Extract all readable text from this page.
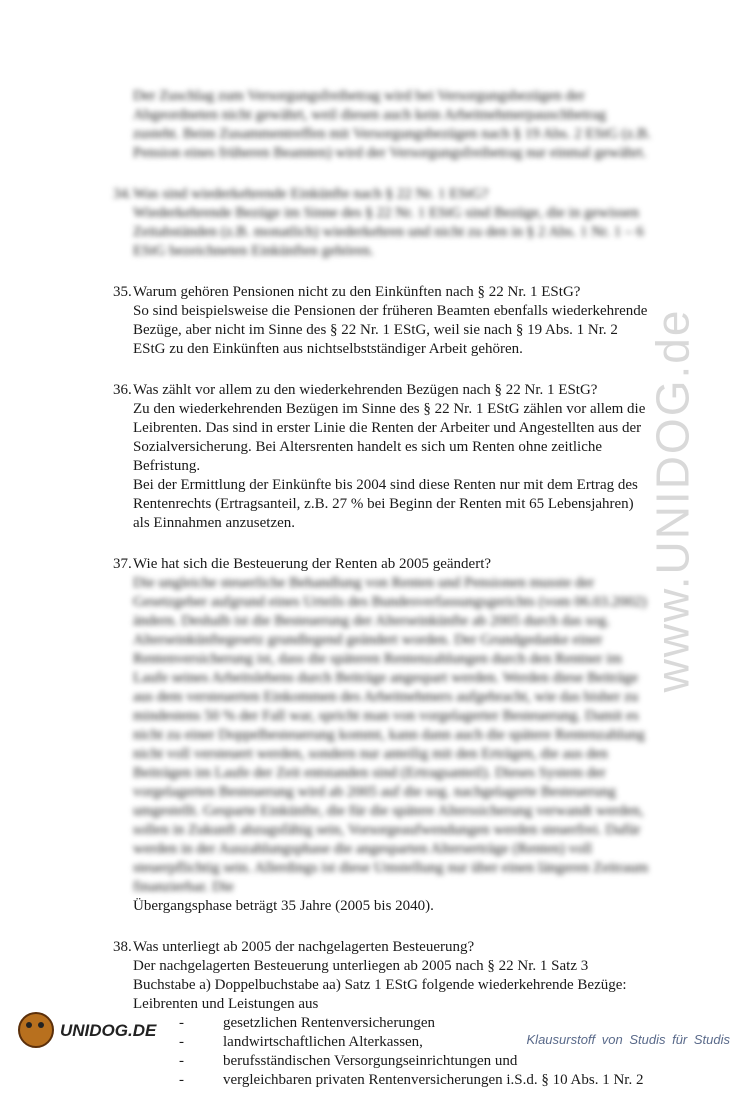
www.UNIDOG.de
Der Zuschlag zum Versorgungsfreibetrag wird bei Versorgungsbezügen der Abgeordneten nicht gewährt, weil diesen auch kein Arbeitnehmerpauschbetrag zusteht. Beim Zusammentreffen mit Versorgungsbezügen nach § 19 Abs. 2 EStG (z.B. Pension eines früheren Beamten) wird der Versorgungsfreibetrag nur einmal gewährt.
34. Was sind wiederkehrende Einkünfte nach § 22 Nr. 1 EStG?
Wiederkehrende Bezüge im Sinne des § 22 Nr. 1 EStG sind Bezüge, die in gewissen Zeitabständen (z.B. monatlich) wiederkehren und nicht zu den in § 2 Abs. 1 Nr. 1 – 6 EStG bezeichneten Einkünften gehören.
35. Warum gehören Pensionen nicht zu den Einkünften nach § 22 Nr. 1 EStG?
So sind beispielsweise die Pensionen der früheren Beamten ebenfalls wiederkehrende Bezüge, aber nicht im Sinne des § 22 Nr. 1 EStG, weil sie nach § 19 Abs. 1 Nr. 2 EStG zu den Einkünften aus nichtselbstständiger Arbeit gehören.
36. Was zählt vor allem zu den wiederkehrenden Bezügen nach § 22 Nr. 1 EStG?

Zu den wiederkehrenden Bezügen im Sinne des § 22 Nr. 1 EStG zählen vor allem die Leibrenten. Das sind in erster Linie die Renten der Arbeiter und Angestellten aus der Sozialversicherung. Bei Altersrenten handelt es sich um Renten ohne zeitliche Befristung.

Bei der Ermittlung der Einkünfte bis 2004 sind diese Renten nur mit dem Ertrag des Rentenrechts (Ertragsanteil, z.B. 27 % bei Beginn der Renten mit 65 Lebensjahren) als Einnahmen anzusetzen.

37. Wie hat sich die Besteuerung der Renten ab 2005 geändert?

Die ungleiche steuerliche Behandlung von Renten und Pensionen musste der Gesetzgeber aufgrund eines Urteils des Bundesverfassungsgerichts (vom 06.03.2002) ändern. Deshalb ist die Besteuerung der Alterseinkünfte ab 2005 durch das sog. Alterseinkünftegesetz grundlegend geändert worden. Der Grundgedanke einer Rentenversicherung ist, dass die späteren Rentenzahlungen durch den Rentner im Laufe seines Arbeitslebens durch Beiträge angespart werden. Werden diese Beiträge aus dem versteuerten Einkommen des Arbeitnehmers aufgebracht, wie das bisher zu mindestens 50 % der Fall war, spricht man von vorgelagerter Besteuerung. Damit es nicht zu einer Doppelbesteuerung kommt, kann dann auch die spätere Rentenzahlung nicht voll versteuert werden, sondern nur anteilig mit den Erträgen, die aus den Beiträgen im Laufe der Zeit entstanden sind (Ertragsanteil). Dieses System der vorgelagerten Besteuerung wird ab 2005 auf die sog. nachgelagerte Besteuerung umgestellt. Gesparte Einkünfte, die für die spätere Alterssicherung verwandt werden, sollen in Zukunft abzugsfähig sein, Vorsorgeaufwendungen werden steuerfrei. Dafür werden in der Auszahlungsphase die angesparten Alterserträge (Renten) voll steuerpflichtig sein. Allerdings ist diese Umstellung nur über einen längeren Zeitraum finanzierbar. Die

Übergangsphase beträgt 35 Jahre (2005 bis 2040).

38. Was unterliegt ab 2005 der nachgelagerten Besteuerung?

Der nachgelagerten Besteuerung unterliegen ab 2005 nach § 22 Nr. 1 Satz 3 Buchstabe a) Doppelbuchstabe aa) Satz 1 EStG folgende wiederkehrende Bezüge:

Leibrenten und Leistungen aus

-	gesetzlichen Rentenversicherungen
-	landwirtschaftlichen Alterkassen,
-	berufsständischen Versorgungseinrichtungen und
-	vergleichbaren privaten Rentenversicherungen i.S.d. § 10 Abs. 1 Nr. 2
UNIDOG.DE	Klausurstoff von Studis für Studis
